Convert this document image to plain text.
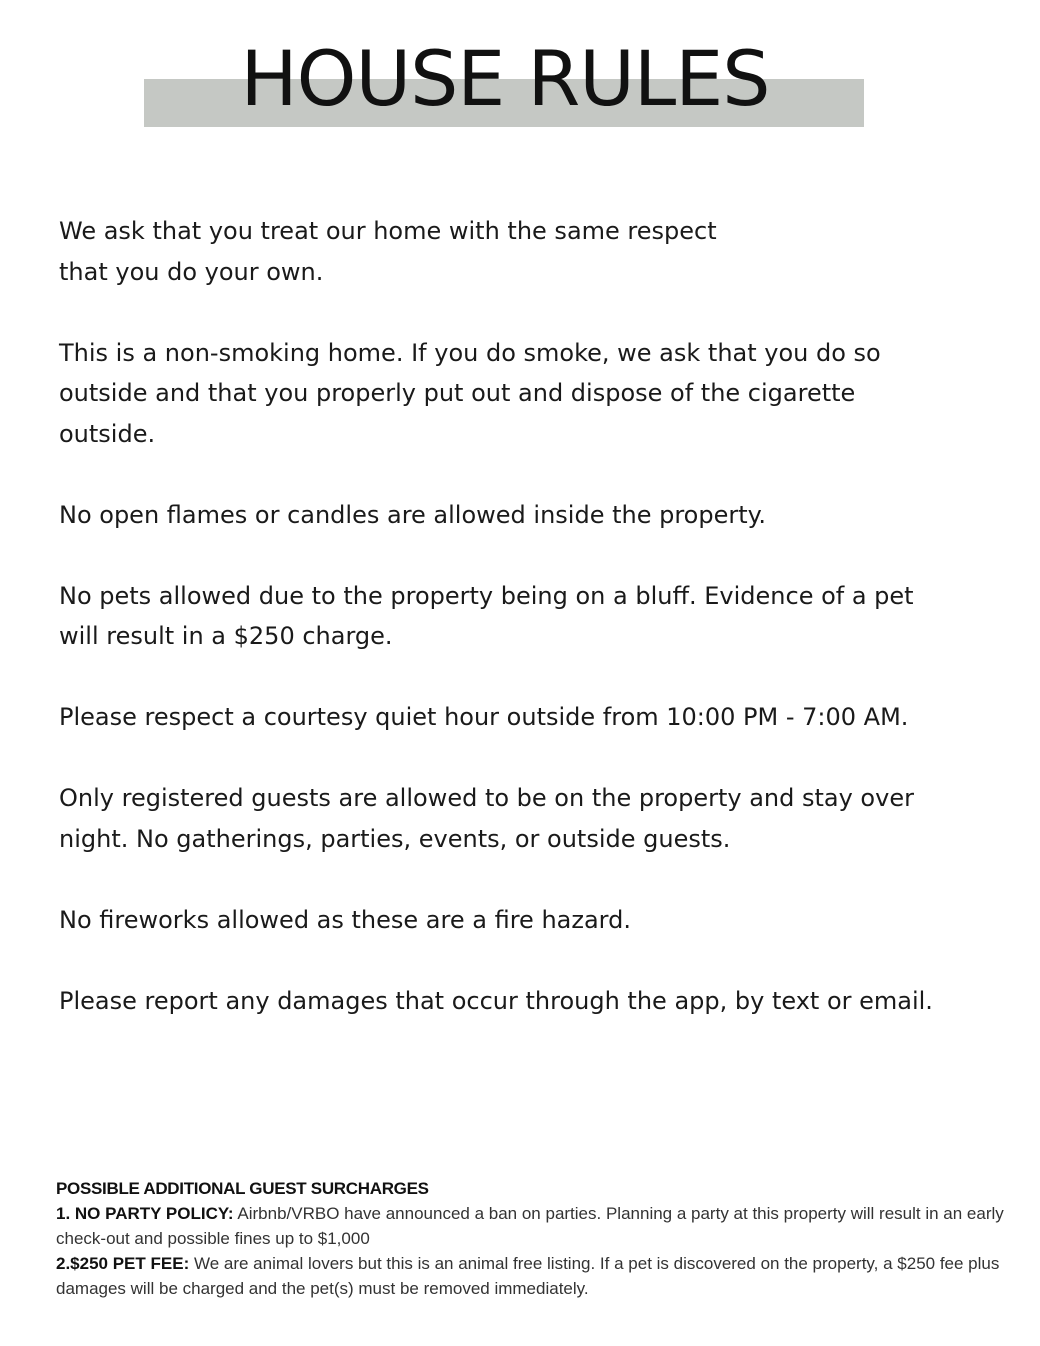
HOUSE RULES

We ask that you treat our home with the same respect
that you do your own.

This is a non-smoking home. If you do smoke, we ask that you do so
outside and that you properly put out and dispose of the cigarette
outside.

No open flames or candles are allowed inside the property.

No pets allowed due to the property being on a bluff. Evidence of a pet
will result in a $250 charge.

Please respect a courtesy quiet hour outside from 10:00 PM - 7:00 AM.

Only registered guests are allowed to be on the property and stay over
night. No gatherings, parties, events, or outside guests.

No fireworks allowed as these are a fire hazard.

Please report any damages that occur through the app, by text or email.

POSSIBLE ADDITIONAL GUEST SURCHARGES

1. NO PARTY POLICY: Airbnb/VRBO have announced a ban on parties. Planning a party at this property will result in an early check-out and possible fines up to $1,000

2.$250 PET FEE: We are animal lovers but this is an animal free listing. If a pet is discovered on the property, a $250 fee plus damages will be charged and the pet(s) must be removed immediately.
